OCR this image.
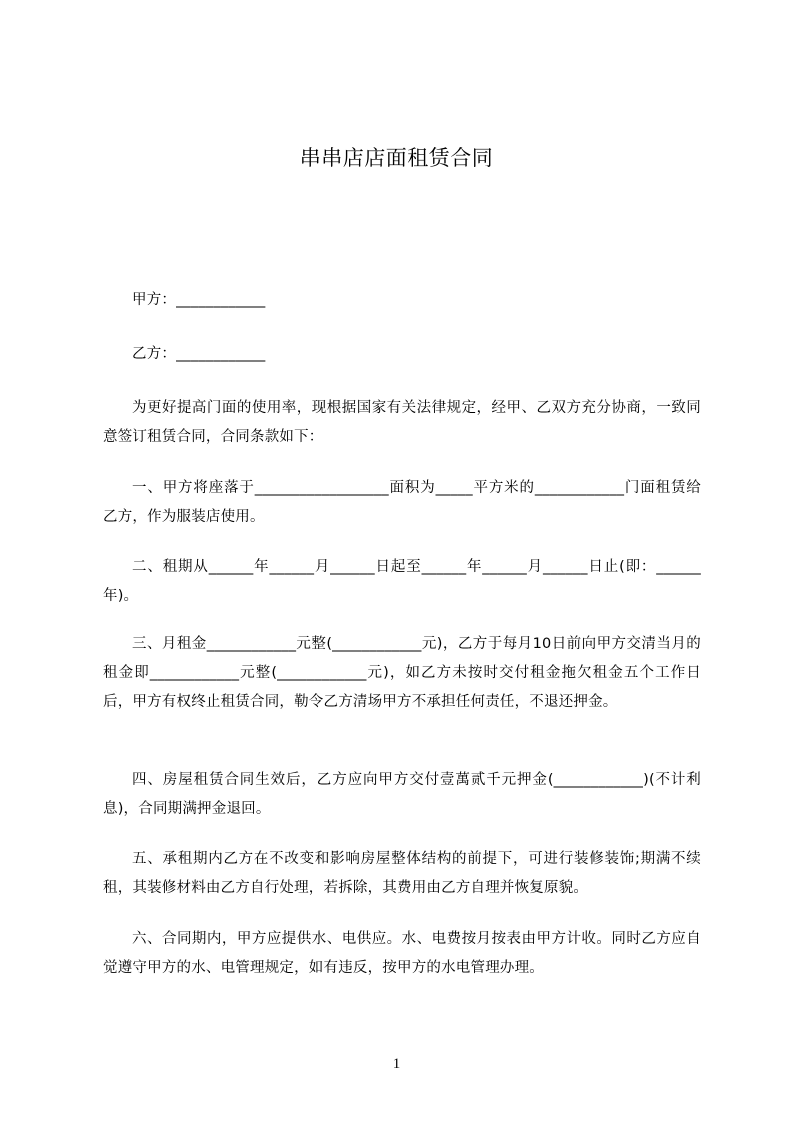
串串店店面租赁合同

甲方：____________

乙方：____________

为更好提高门面的使用率，现根据国家有关法律规定，经甲、乙双方充分协商，一致同意签订租赁合同，合同条款如下：

一、甲方将座落于__________________面积为_____平方米的____________门面租赁给乙方，作为服装店使用。

二、租期从______年______月______日起至______年______月______日止(即：______年)。

三、月租金____________元整(____________元)，乙方于每月10日前向甲方交清当月的租金即____________元整(____________元)，如乙方未按时交付租金拖欠租金五个工作日后，甲方有权终止租赁合同，勒令乙方清场甲方不承担任何责任，不退还押金。

四、房屋租赁合同生效后，乙方应向甲方交付壹萬贰千元押金(____________)(不计利息)，合同期满押金退回。

五、承租期内乙方在不改变和影响房屋整体结构的前提下，可进行装修装饰;期满不续租，其装修材料由乙方自行处理，若拆除，其费用由乙方自理并恢复原貌。

六、合同期内，甲方应提供水、电供应。水、电费按月按表由甲方计收。同时乙方应自觉遵守甲方的水、电管理规定，如有违反，按甲方的水电管理办理。

1
